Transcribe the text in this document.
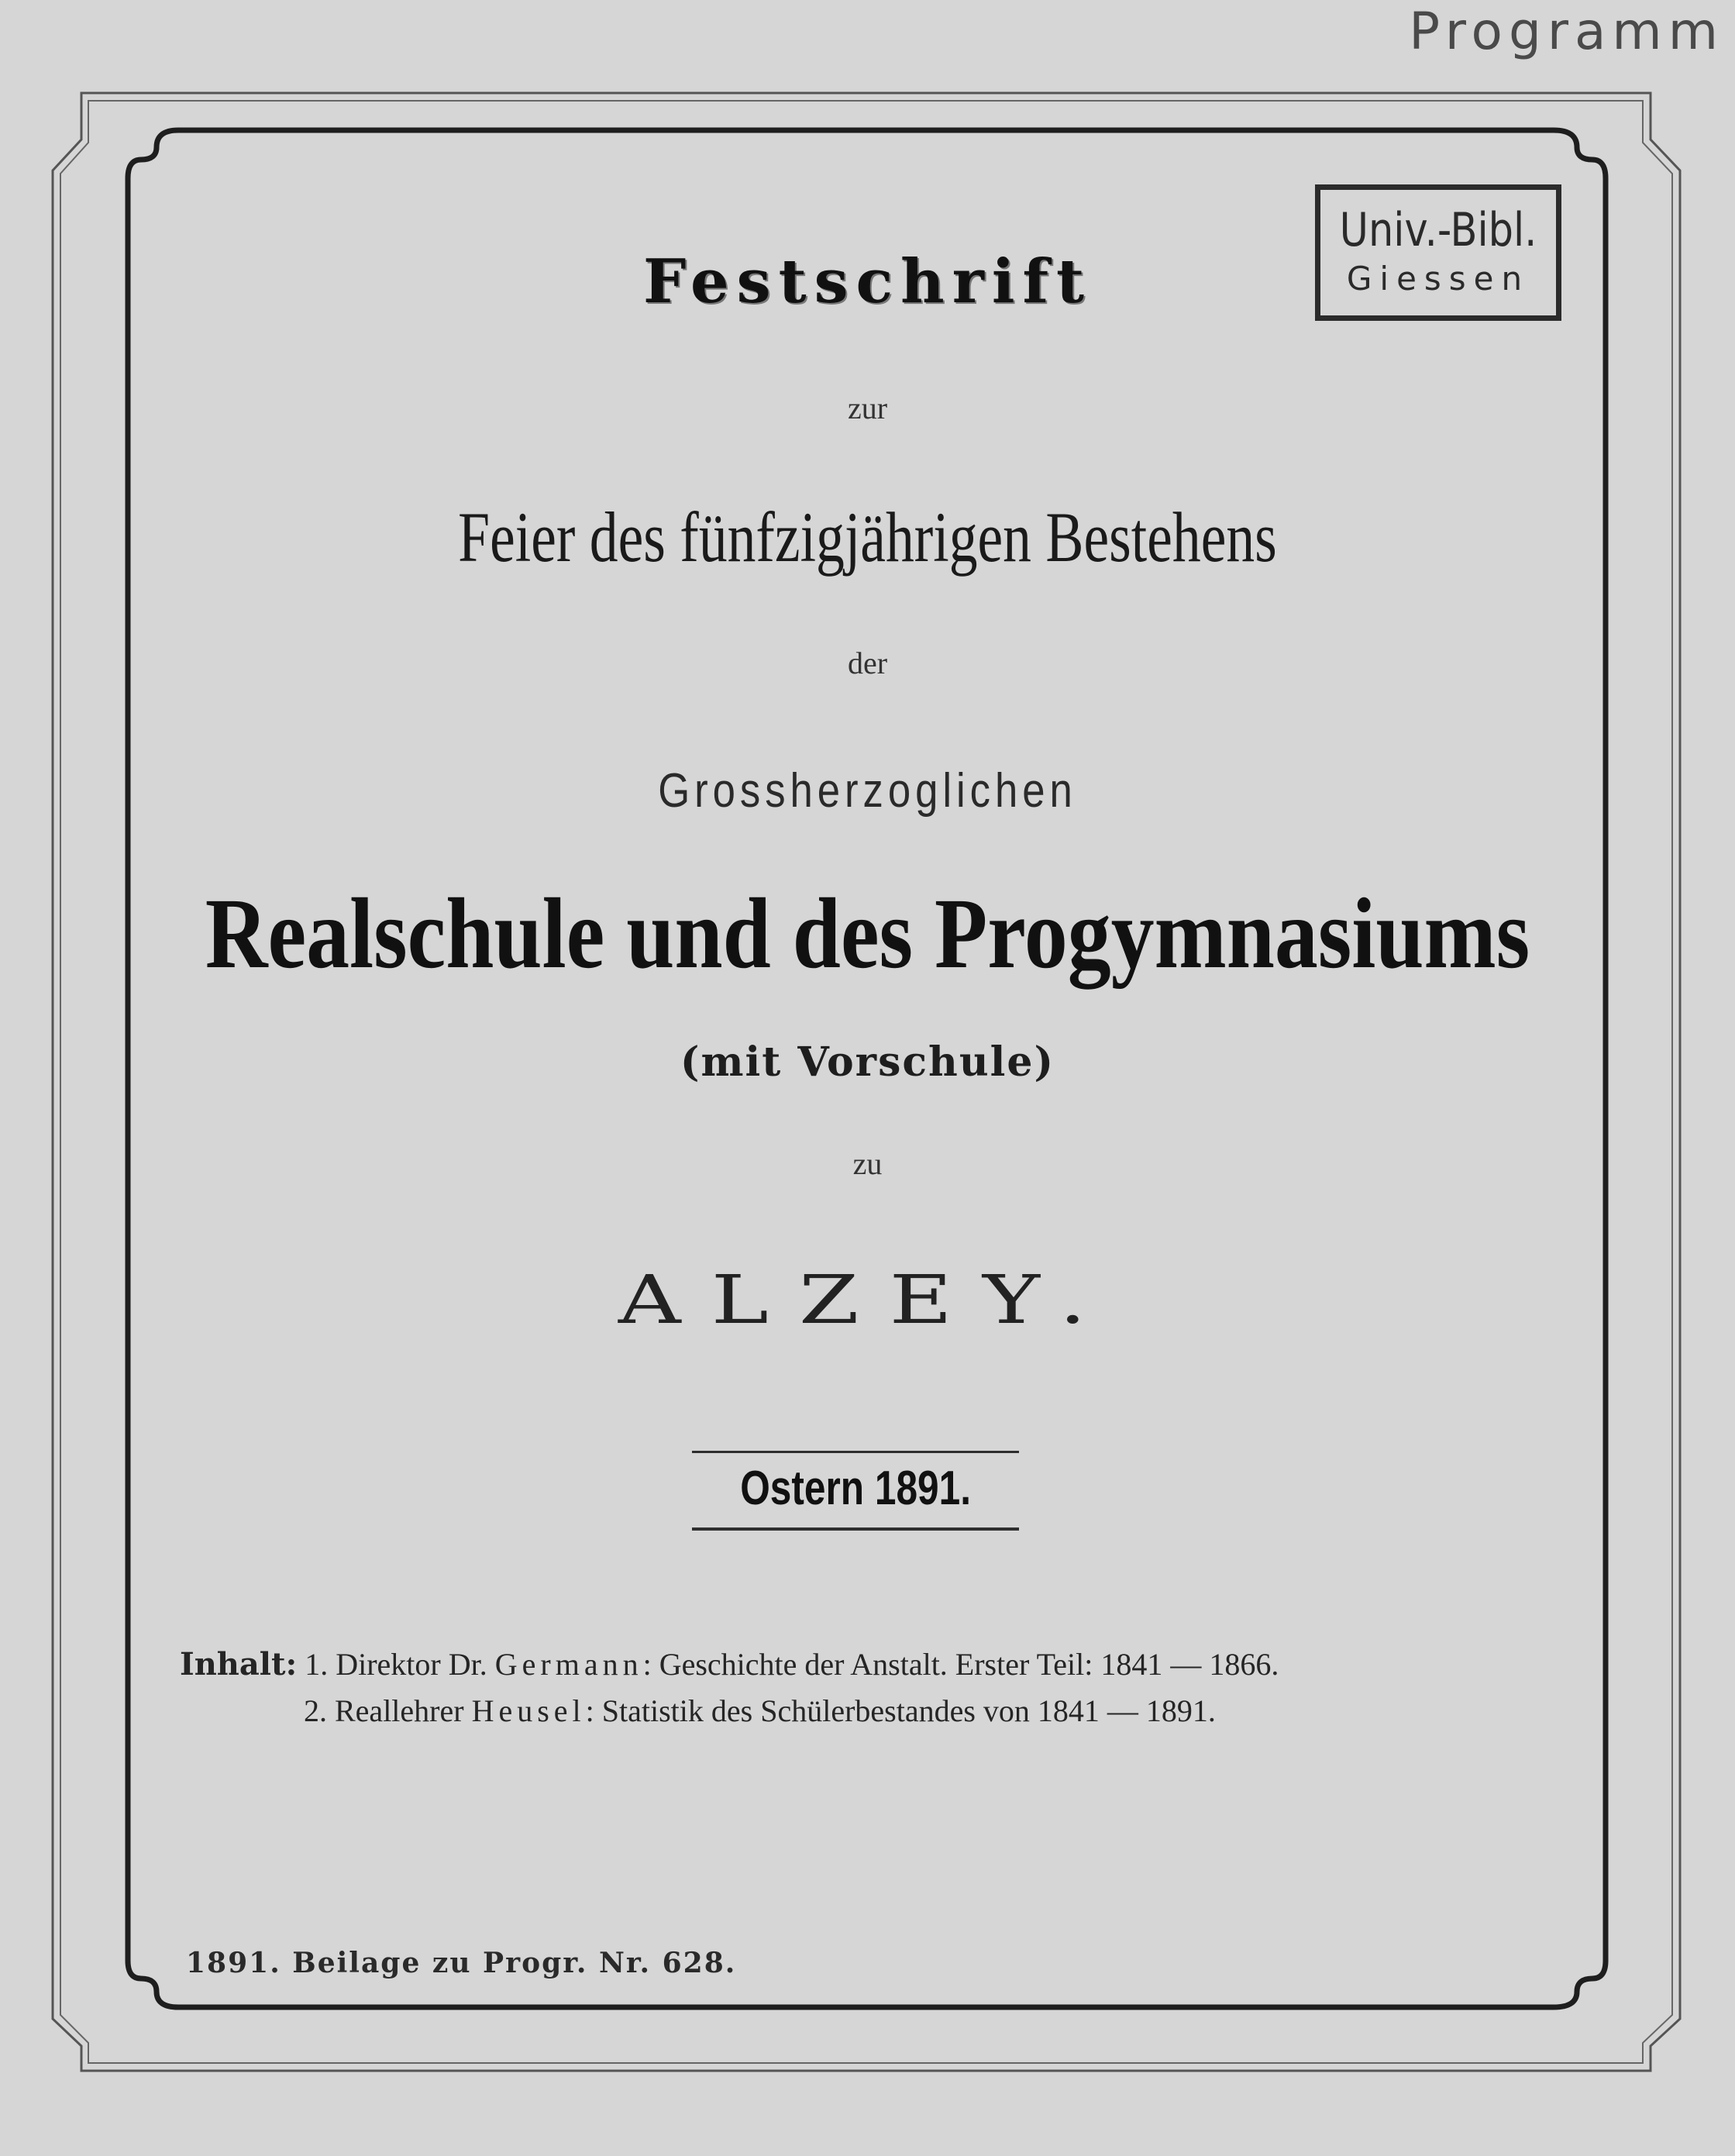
Programm
Univ.-Bibl.
Giessen
Festschrift
zur
Feier des fünfzigjährigen Bestehens
der
Grossherzoglichen
Realschule und des Progymnasiums
(mit Vorschule)
zu
ALZEY.
Ostern 1891.
Inhalt: 1. Direktor Dr. Germann: Geschichte der Anstalt. Erster Teil: 1841 — 1866.
2. Reallehrer Heusel: Statistik des Schülerbestandes von 1841 — 1891.
1891. Beilage zu Progr. Nr. 628.
